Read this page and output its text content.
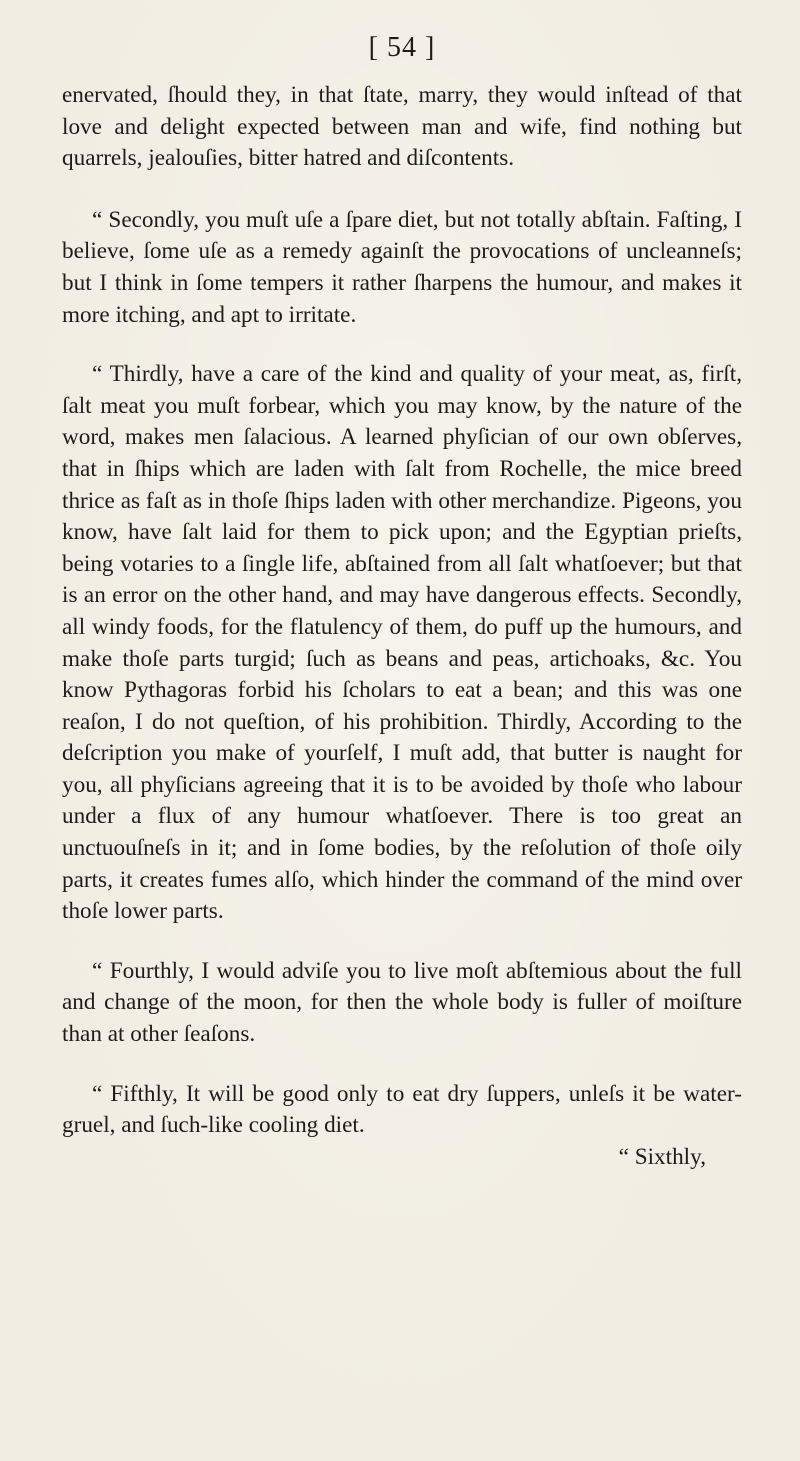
[ 54 ]

enervated, ſhould they, in that ſtate, marry, they would inſtead of that love and delight expected between man and wife, find nothing but quarrels, jealouſies, bitter hatred and diſcontents.

“ Secondly, you muſt uſe a ſpare diet, but not totally abſtain. Faſting, I believe, ſome uſe as a remedy againſt the provocations of uncleanneſs; but I think in ſome tempers it rather ſharpens the humour, and makes it more itching, and apt to irritate.

“ Thirdly, have a care of the kind and quality of your meat, as, firſt, ſalt meat you muſt forbear, which you may know, by the nature of the word, makes men ſalacious. A learned phyſician of our own obſerves, that in ſhips which are laden with ſalt from Rochelle, the mice breed thrice as faſt as in thoſe ſhips laden with other merchandize. Pigeons, you know, have ſalt laid for them to pick upon; and the Egyptian prieſts, being votaries to a ſingle life, abſtained from all ſalt whatſoever; but that is an error on the other hand, and may have dangerous effects. Secondly, all windy foods, for the flatulency of them, do puff up the humours, and make thoſe parts turgid; ſuch as beans and peas, artichoaks, &c. You know Pythagoras forbid his ſcholars to eat a bean; and this was one reaſon, I do not queſtion, of his prohibition. Thirdly, According to the deſcription you make of yourſelf, I muſt add, that butter is naught for you, all phyſicians agreeing that it is to be avoided by thoſe who labour under a flux of any humour whatſoever. There is too great an unctuouſneſs in it; and in ſome bodies, by the reſolution of thoſe oily parts, it creates fumes alſo, which hinder the command of the mind over thoſe lower parts.

“ Fourthly, I would adviſe you to live moſt abſtemious about the full and change of the moon, for then the whole body is fuller of moiſture than at other ſeaſons.

“ Fifthly, It will be good only to eat dry ſuppers, unleſs it be water-gruel, and ſuch-like cooling diet.

“ Sixthly,
